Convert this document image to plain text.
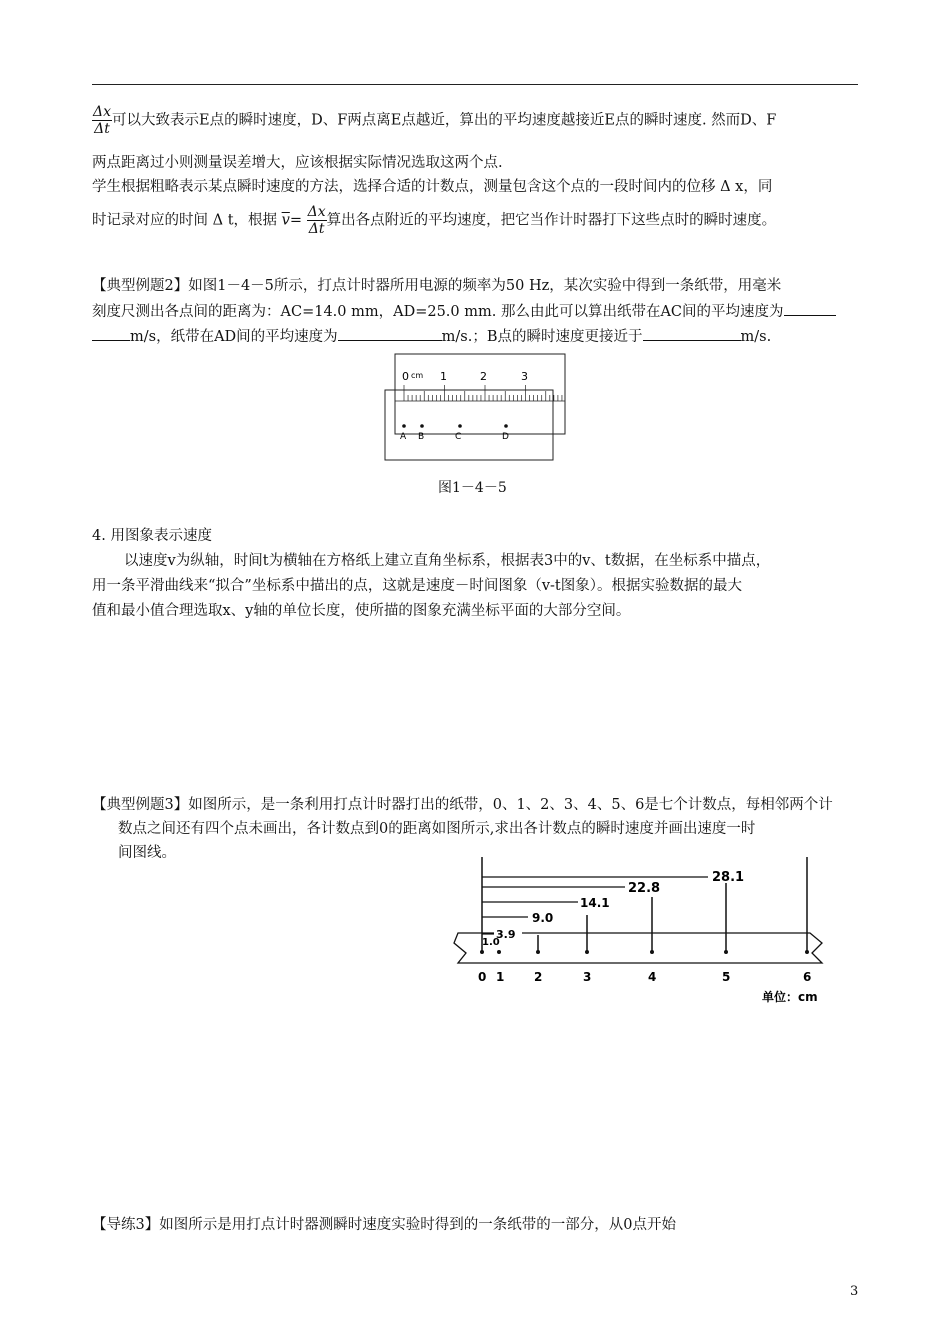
$\frac{\Delta x}{\Delta t}$ 可以大致表示E点的瞬时速度，D、F两点离E点越近，算出的平均速度越接近E点的瞬时速度. 然而D、F
两点距离过小则测量误差增大，应该根据实际情况选取这两个点.
学生根据粗略表示某点瞬时速度的方法，选择合适的计数点，测量包含这个点的一段时间内的位移 Δ x，同
时记录对应的时间 Δ t，根据 $\overline{v}= \frac{\Delta x}{\Delta t}$ 算出各点附近的平均速度，把它当作计时器打下这些点时的瞬时速度。
【典型例题2】如图1－4－5所示，打点计时器所用电源的频率为50 Hz，某次实验中得到一条纸带，用毫米
刻度尺测出各点间的距离为：AC=14.0 mm，AD=25.0 mm. 那么由此可以算出纸带在AC间的平均速度为
m/s，纸带在AD间的平均速度为	m/s.；B点的瞬时速度更接近于	m/s.
0 cm 1	2	3
A B	C	D
图1－4－5
4. 用图象表示速度
以速度v为纵轴，时间t为横轴在方格纸上建立直角坐标系，根据表3中的v、t数据，在坐标系中描点，
用一条平滑曲线来“拟合”坐标系中描出的点，这就是速度－时间图象（v-t图象）。根据实验数据的最大
值和最小值合理选取x、y轴的单位长度，使所描的图象充满坐标平面的大部分空间。
【典型例题3】如图所示，是一条利用打点计时器打出的纸带，0、1、2、3、4、5、6是七个计数点，每相邻两个计
数点之间还有四个点未画出，各计数点到0的距离如图所示,求出各计数点的瞬时速度并画出速度一时
间图线。
28.1
22.8
14.1
9.0
3.9
1.0
0 1 2	3	4	5	6
单位：cm
【导练3】如图所示是用打点计时器测瞬时速度实验时得到的一条纸带的一部分，从0点开始
3
